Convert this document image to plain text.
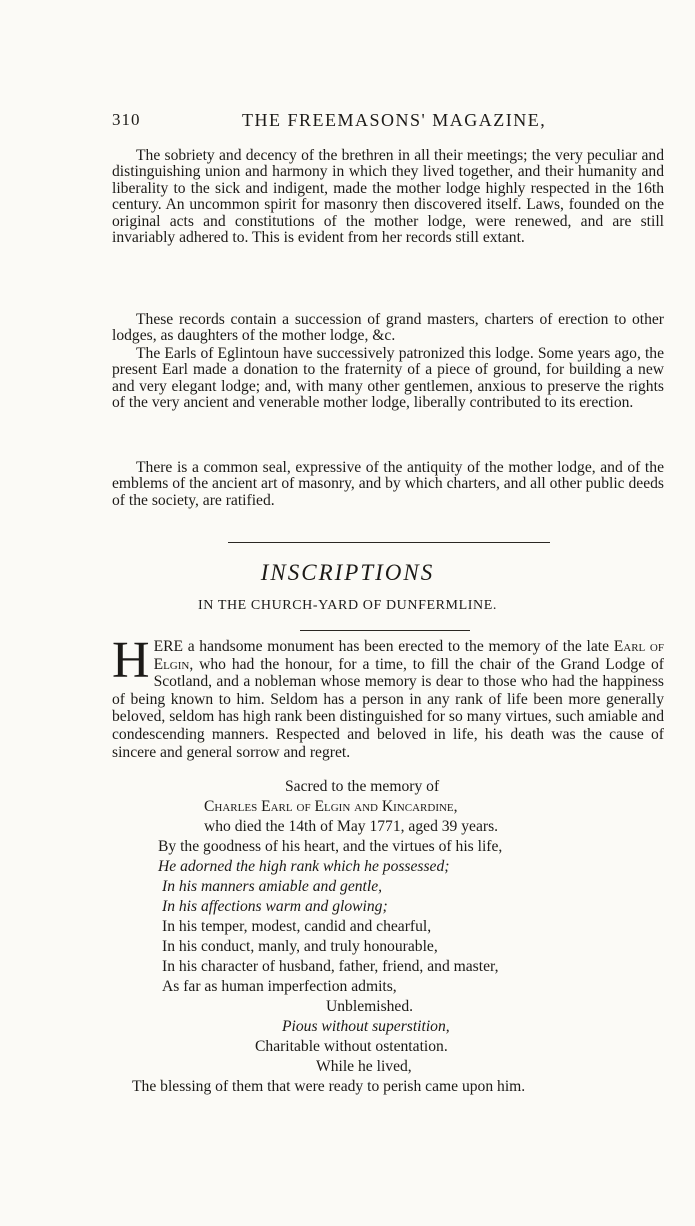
310	THE FREEMASONS' MAGAZINE,

The sobriety and decency of the brethren in all their meetings; the very peculiar and distinguishing union and harmony in which they lived together, and their humanity and liberality to the sick and indigent, made the mother lodge highly respected in the 16th century. An uncommon spirit for masonry then discovered itself. Laws, founded on the original acts and constitutions of the mother lodge, were renewed, and are still invariably adhered to. This is evident from her records still extant.

These records contain a succession of grand masters, charters of erection to other lodges, as daughters of the mother lodge, &c.

The Earls of Eglintoun have successively patronized this lodge. Some years ago, the present Earl made a donation to the fraternity of a piece of ground, for building a new and very elegant lodge; and, with many other gentlemen, anxious to preserve the rights of the very ancient and venerable mother lodge, liberally contributed to its erection.

There is a common seal, expressive of the antiquity of the mother lodge, and of the emblems of the ancient art of masonry, and by which charters, and all other public deeds of the society, are ratified.

INSCRIPTIONS
IN THE CHURCH-YARD OF DUNFERMLINE.
HERE a handsome monument has been erected to the memory of the late Earl of Elgin, who had the honour, for a time, to fill the chair of the Grand Lodge of Scotland, and a nobleman whose memory is dear to those who had the happiness of being known to him. Seldom has a person in any rank of life been more generally beloved, seldom has high rank been distinguished for so many virtues, such amiable and condescending manners. Respected and beloved in life, his death was the cause of sincere and general sorrow and regret.
Sacred to the memory of
Charles Earl of Elgin and Kincardine,
who died the 14th of May 1771, aged 39 years.
By the goodness of his heart, and the virtues of his life,
He adorned the high rank which he possessed;
In his manners amiable and gentle,
In his affections warm and glowing;
In his temper, modest, candid and chearful,
In his conduct, manly, and truly honourable,
In his character of husband, father, friend, and master,
As far as human imperfection admits,
Unblemished.
Pious without superstition,
Charitable without ostentation.
While he lived,
The blessing of them that were ready to perish came upon him.
